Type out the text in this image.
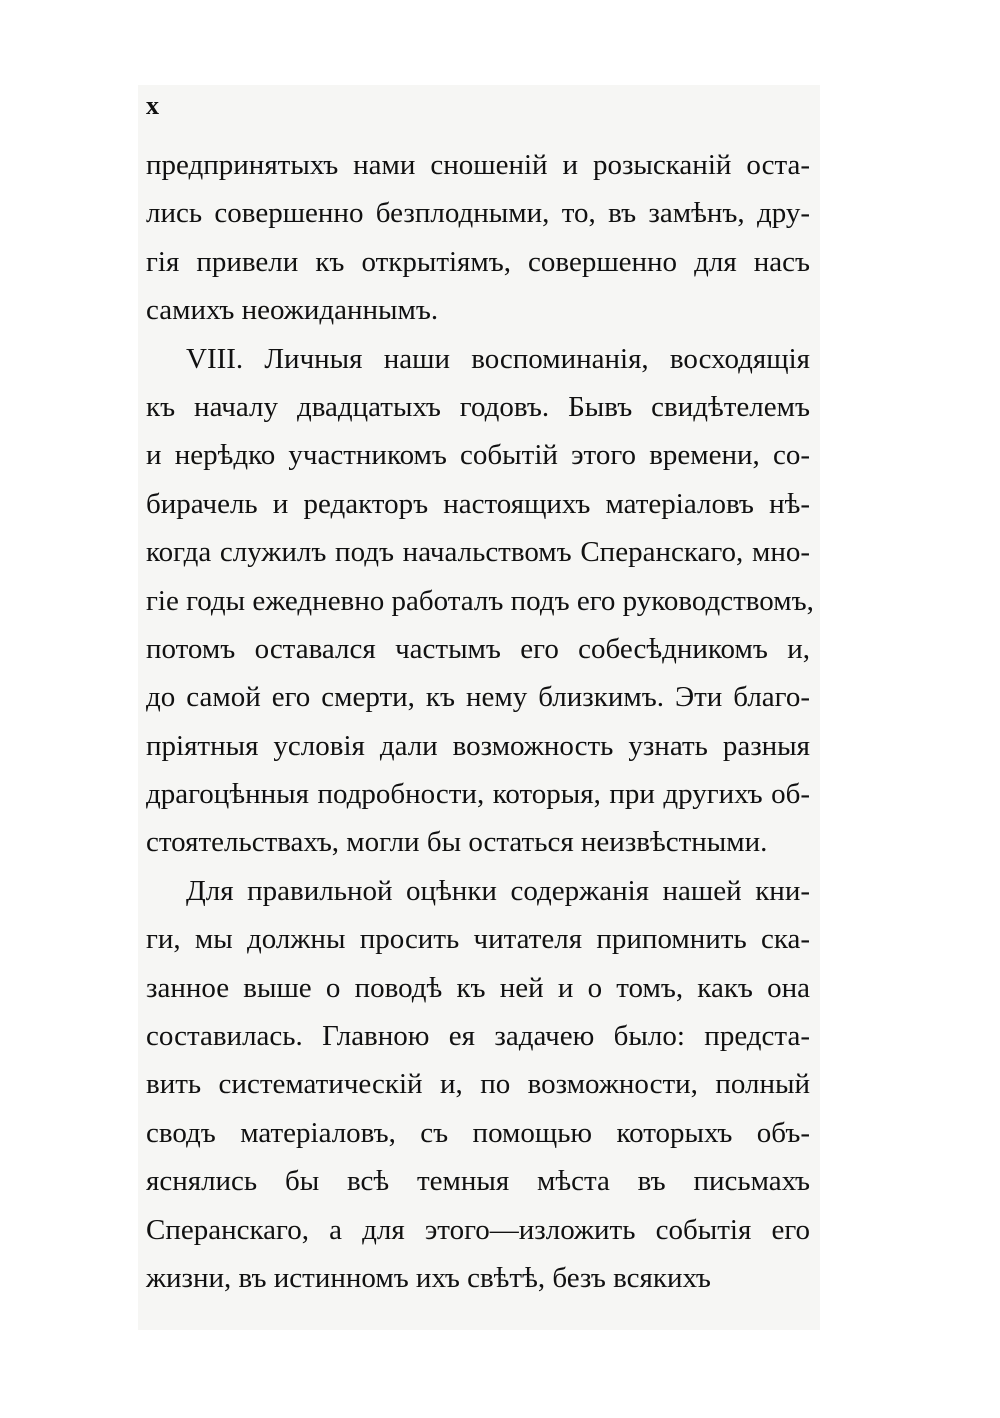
x
предпринятыхъ нами сношеній и розысканій оста-
лись совершенно безплодными, то, въ замѣнъ, дру-
гія привели къ открытіямъ, совершенно для насъ
самихъ неожиданнымъ.
VIII. Личныя наши воспоминанія, восходящія
къ началу двадцатыхъ годовъ. Бывъ свидѣтелемъ
и нерѣдко участникомъ событій этого времени, со-
бирачель и редакторъ настоящихъ матеріаловъ нѣ-
когда служилъ подъ начальствомъ Сперанскаго, мно-
гіе годы ежедневно работалъ подъ его руководствомъ,
потомъ оставался частымъ его собесѣдникомъ и,
до самой его смерти, къ нему близкимъ. Эти благо-
пріятныя условія дали возможность узнать разныя
драгоцѣнныя подробности, которыя, при другихъ об-
стоятельствахъ, могли бы остаться неизвѣстными.
Для правильной оцѣнки содержанія нашей кни-
ги, мы должны просить читателя припомнить ска-
занное выше о поводѣ къ ней и о томъ, какъ она
составилась. Главною ея задачею было: предста-
вить систематическій и, по возможности, полный
сводъ матеріаловъ, съ помощью которыхъ объ-
яснялись бы всѣ темныя мѣста въ письмахъ
Сперанскаго, а для этого—изложить событія его
жизни, въ истинномъ ихъ свѣтѣ, безъ всякихъ
